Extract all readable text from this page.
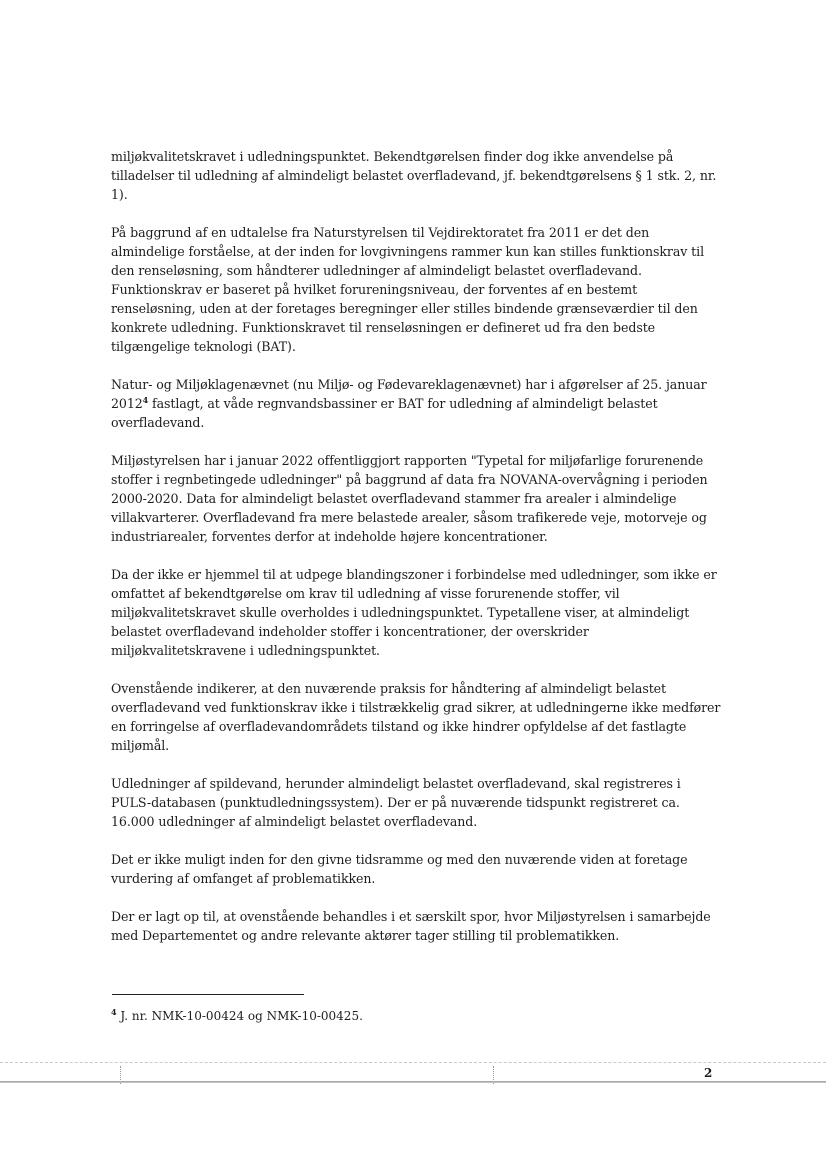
miljøkvalitetskravet i udledningspunktet. Bekendtgørelsen finder dog ikke anvendelse på tilladelser til udledning af almindeligt belastet overfladevand, jf. bekendtgørelsens § 1 stk. 2, nr. 1).

På baggrund af en udtalelse fra Naturstyrelsen til Vejdirektoratet fra 2011 er det den almindelige forståelse, at der inden for lovgivningens rammer kun kan stilles funktionskrav til den renseløsning, som håndterer udledninger af almindeligt belastet overfladevand. Funktionskrav er baseret på hvilket forureningsniveau, der forventes af en bestemt renseløsning, uden at der foretages beregninger eller stilles bindende grænseværdier til den konkrete udledning. Funktionskravet til renseløsningen er defineret ud fra den bedste tilgængelige teknologi (BAT).

Natur- og Miljøklagenævnet (nu Miljø- og Fødevareklagenævnet) har i afgørelser af 25. januar 2012$^4$ fastlagt, at våde regnvandsbassiner er BAT for udledning af almindeligt belastet overfladevand.

Miljøstyrelsen har i januar 2022 offentliggjort rapporten "Typetal for miljøfarlige forurenende stoffer i regnbetingede udledninger" på baggrund af data fra NOVANA-overvågning i perioden 2000-2020. Data for almindeligt belastet overfladevand stammer fra arealer i almindelige villakvarterer. Overfladevand fra mere belastede arealer, såsom trafikerede veje, motorveje og industriarealer, forventes derfor at indeholde højere koncentrationer.

Da der ikke er hjemmel til at udpege blandingszoner i forbindelse med udledninger, som ikke er omfattet af bekendtgørelse om krav til udledning af visse forurenende stoffer, vil miljøkvalitetskravet skulle overholdes i udledningspunktet. Typetallene viser, at almindeligt belastet overfladevand indeholder stoffer i koncentrationer, der overskrider miljøkvalitetskravene i udledningspunktet.

Ovenstående indikerer, at den nuværende praksis for håndtering af almindeligt belastet overfladevand ved funktionskrav ikke i tilstrækkelig grad sikrer, at udledningerne ikke medfører en forringelse af overfladevandområdets tilstand og ikke hindrer opfyldelse af det fastlagte miljømål.

Udledninger af spildevand, herunder almindeligt belastet overfladevand, skal registreres i PULS-databasen (punktudledningssystem). Der er på nuværende tidspunkt registreret ca. 16.000 udledninger af almindeligt belastet overfladevand.

Det er ikke muligt inden for den givne tidsramme og med den nuværende viden at foretage vurdering af omfanget af problematikken.

Der er lagt op til, at ovenstående behandles i et særskilt spor, hvor Miljøstyrelsen i samarbejde med Departementet og andre relevante aktører tager stilling til problematikken.

$^4$ J. nr. NMK-10-00424 og NMK-10-00425.
2
